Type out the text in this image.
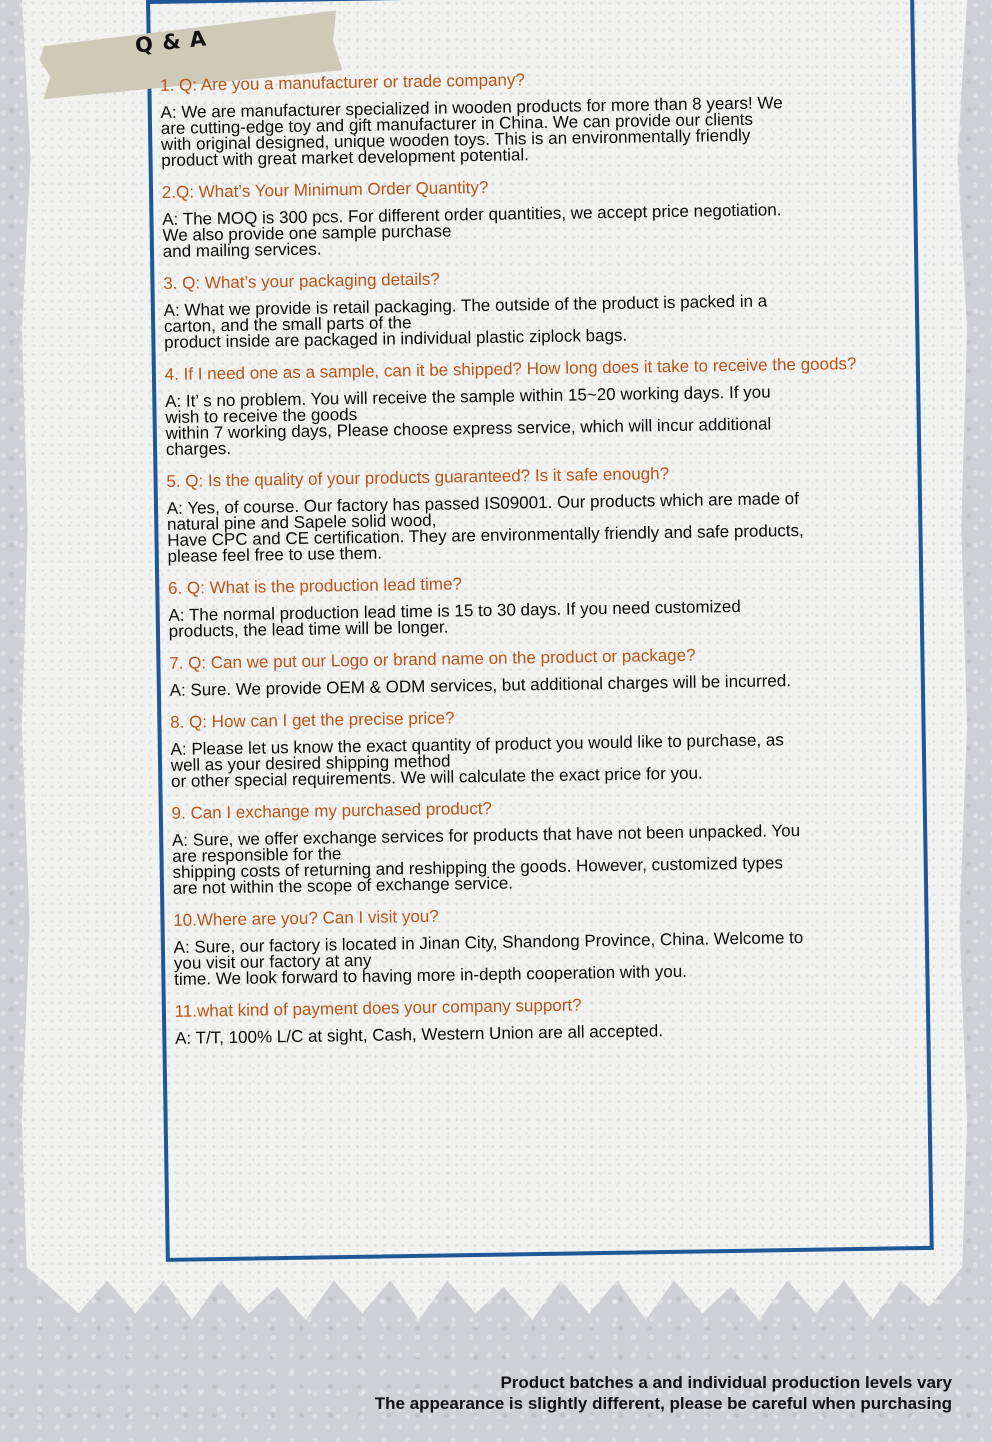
Q & A

1. Q: Are you a manufacturer or trade company?

A: We are manufacturer specialized in wooden products for more than 8 years! We
are cutting-edge toy and gift manufacturer in China. We can provide our clients
with original designed, unique wooden toys. This is an environmentally friendly
product with great market development potential.

2.Q: What’s Your Minimum Order Quantity?

A: The MOQ is 300 pcs. For different order quantities, we accept price negotiation.
We also provide one sample purchase
and mailing services.

3. Q: What’s your packaging details?

A: What we provide is retail packaging. The outside of the product is packed in a
carton, and the small parts of the
product inside are packaged in individual plastic ziplock bags.

4. If I need one as a sample, can it be shipped? How long does it take to receive the goods?

A: It’ s no problem. You will receive the sample within 15~20 working days. If you
wish to receive the goods
within 7 working days, Please choose express service, which will incur additional
charges.

5. Q: Is the quality of your products guaranteed? Is it safe enough?

A: Yes, of course. Our factory has passed IS09001. Our products which are made of
natural pine and Sapele solid wood,
Have CPC and CE certification. They are environmentally friendly and safe products,
please feel free to use them.

6. Q: What is the production lead time?

A: The normal production lead time is 15 to 30 days. If you need customized
products, the lead time will be longer.

7. Q: Can we put our Logo or brand name on the product or package?

A: Sure. We provide OEM & ODM services, but additional charges will be incurred.

8. Q: How can I get the precise price?

A: Please let us know the exact quantity of product you would like to purchase, as
well as your desired shipping method
or other special requirements. We will calculate the exact price for you.

9. Can I exchange my purchased product?

A: Sure, we offer exchange services for products that have not been unpacked. You
are responsible for the
shipping costs of returning and reshipping the goods. However, customized types
are not within the scope of exchange service.

10.Where are you? Can I visit you?

A: Sure, our factory is located in Jinan City, Shandong Province, China. Welcome to
you visit our factory at any
time. We look forward to having more in-depth cooperation with you.

11.what kind of payment does your company support?

A: T/T, 100% L/C at sight, Cash, Western Union are all accepted.

Product batches a and individual production levels vary
The appearance is slightly different, please be careful when purchasing
